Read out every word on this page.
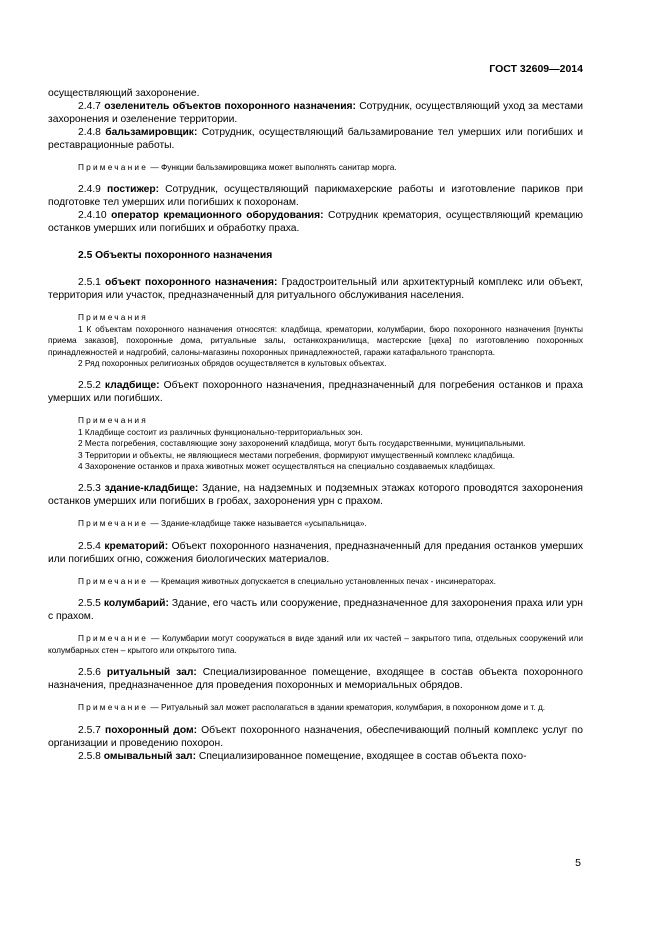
ГОСТ 32609—2014

осуществляющий захоронение.

2.4.7 озеленитель объектов похоронного назначения: Сотрудник, осуществляющий уход за местами захоронения и озеленение территории.

2.4.8 бальзамировщик: Сотрудник, осуществляющий бальзамирование тел умерших или погибших и реставрационные работы.

Примечание — Функции бальзамировщика может выполнять санитар морга.

2.4.9 постижер: Сотрудник, осуществляющий парикмахерские работы и изготовление париков при подготовке тел умерших или погибших к похоронам.

2.4.10 оператор кремационного оборудования: Сотрудник крематория, осуществляющий кремацию останков умерших или погибших и обработку праха.

2.5 Объекты похоронного назначения

2.5.1 объект похоронного назначения: Градостроительный или архитектурный комплекс или объект, территория или участок, предназначенный для ритуального обслуживания населения.

Примечания

1 К объектам похоронного назначения относятся: кладбища, крематории, колумбарии, бюро похоронного назначения [пункты приема заказов], похоронные дома, ритуальные залы, останкохранилища, мастерские [цеха] по изготовлению похоронных принадлежностей и надгробий, салоны-магазины похоронных принадлежностей, гаражи катафального транспорта.

2 Ряд похоронных религиозных обрядов осуществляется в культовых объектах.

2.5.2 кладбище: Объект похоронного назначения, предназначенный для погребения останков и праха умерших или погибших.

Примечания

1 Кладбище состоит из различных функционально-территориальных зон.

2 Места погребения, составляющие зону захоронений кладбища, могут быть государственными, муниципальными.

3 Территории и объекты, не являющиеся местами погребения, формируют имущественный комплекс кладбища.

4 Захоронение останков и праха животных может осуществляться на специально создаваемых кладбищах.

2.5.3 здание-кладбище: Здание, на надземных и подземных этажах которого проводятся захоронения останков умерших или погибших в гробах, захоронения урн с прахом.

Примечание — Здание-кладбище также называется «усыпальница».

2.5.4 крематорий: Объект похоронного назначения, предназначенный для предания останков умерших или погибших огню, сожжения биологических материалов.

Примечание — Кремация животных допускается в специально установленных печах - инсинераторах.

2.5.5 колумбарий: Здание, его часть или сооружение, предназначенное для захоронения праха или урн с прахом.

Примечание — Колумбарии могут сооружаться в виде зданий или их частей – закрытого типа, отдельных сооружений или колумбарных стен – крытого или открытого типа.

2.5.6 ритуальный зал: Специализированное помещение, входящее в состав объекта похоронного назначения, предназначенное для проведения похоронных и мемориальных обрядов.

Примечание — Ритуальный зал может располагаться в здании крематория, колумбария, в похоронном доме и т. д.

2.5.7 похоронный дом: Объект похоронного назначения, обеспечивающий полный комплекс услуг по организации и проведению похорон.

2.5.8 омывальный зал: Специализированное помещение, входящее в состав объекта похо-

5
